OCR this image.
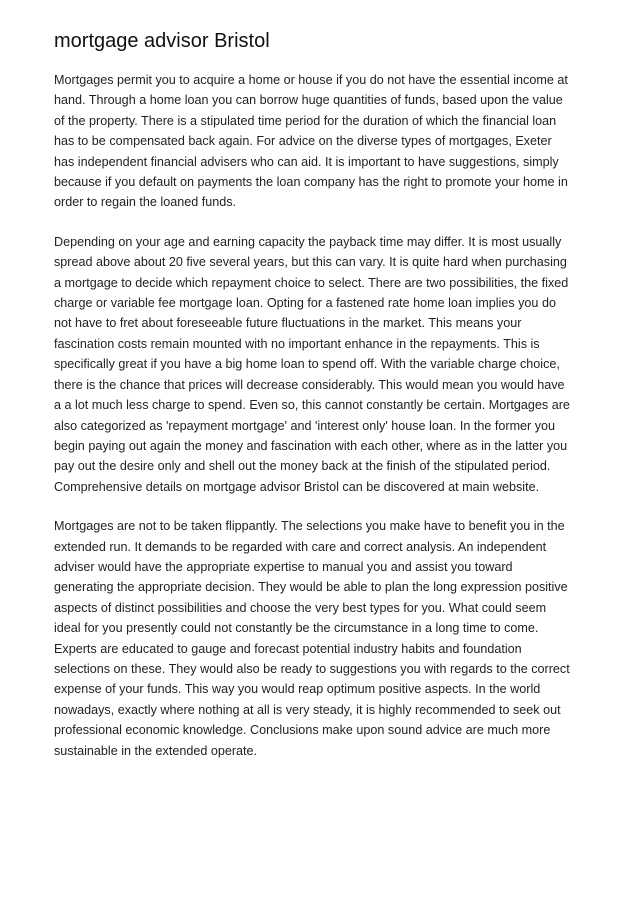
mortgage advisor Bristol

Mortgages permit you to acquire a home or house if you do not have the essential income at
hand. Through a home loan you can borrow huge quantities of funds, based upon the value
of the property. There is a stipulated time period for the duration of which the financial loan
has to be compensated back again. For advice on the diverse types of mortgages, Exeter
has independent financial advisers who can aid. It is important to have suggestions, simply
because if you default on payments the loan company has the right to promote your home in
order to regain the loaned funds.

Depending on your age and earning capacity the payback time may differ. It is most usually
spread above about 20 five several years, but this can vary. It is quite hard when purchasing
a mortgage to decide which repayment choice to select. There are two possibilities, the fixed
charge or variable fee mortgage loan. Opting for a fastened rate home loan implies you do
not have to fret about foreseeable future fluctuations in the market. This means your
fascination costs remain mounted with no important enhance in the repayments. This is
specifically great if you have a big home loan to spend off. With the variable charge choice,
there is the chance that prices will decrease considerably. This would mean you would have
a a lot much less charge to spend. Even so, this cannot constantly be certain. Mortgages are
also categorized as 'repayment mortgage' and 'interest only' house loan. In the former you
begin paying out again the money and fascination with each other, where as in the latter you
pay out the desire only and shell out the money back at the finish of the stipulated period.
Comprehensive details on mortgage advisor Bristol can be discovered at main website.

Mortgages are not to be taken flippantly. The selections you make have to benefit you in the
extended run. It demands to be regarded with care and correct analysis. An independent
adviser would have the appropriate expertise to manual you and assist you toward
generating the appropriate decision. They would be able to plan the long expression positive
aspects of distinct possibilities and choose the very best types for you. What could seem
ideal for you presently could not constantly be the circumstance in a long time to come.
Experts are educated to gauge and forecast potential industry habits and foundation
selections on these. They would also be ready to suggestions you with regards to the correct
expense of your funds. This way you would reap optimum positive aspects. In the world
nowadays, exactly where nothing at all is very steady, it is highly recommended to seek out
professional economic knowledge. Conclusions make upon sound advice are much more
sustainable in the extended operate.
